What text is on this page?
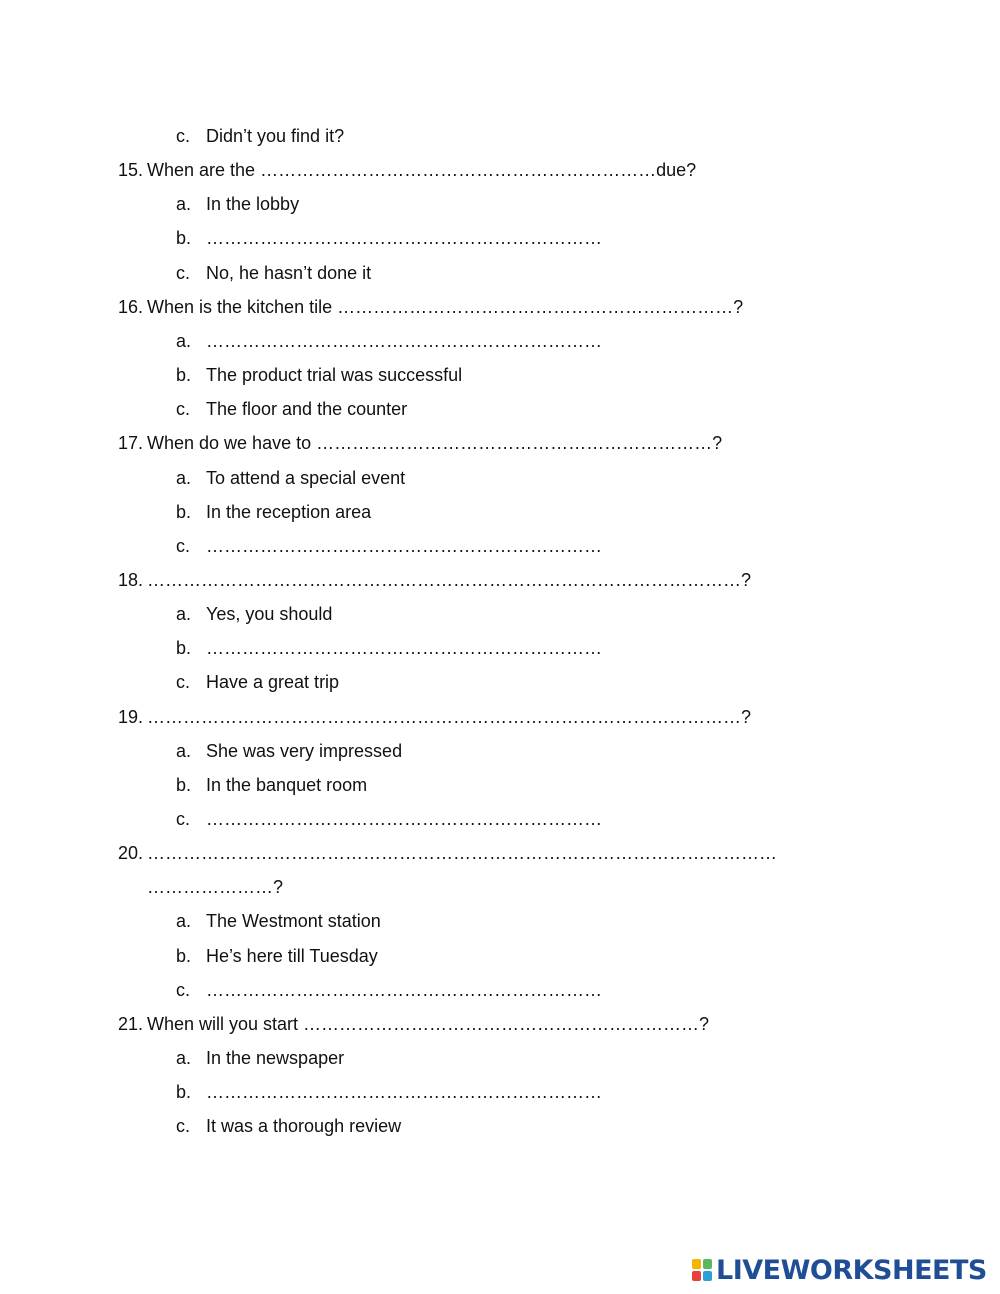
c. Didn’t you find it?
15. When are the …………………………………………………………due?
a. In the lobby
b. …………………………………………………………
c. No, he hasn’t done it
16. When is the kitchen tile …………………………………………………………?
a. …………………………………………………………
b. The product trial was successful
c. The floor and the counter
17. When do we have to …………………………………………………………?
a. To attend a special event
b. In the reception area
c. …………………………………………………………
18. ………………………………………………………………………………………?
a. Yes, you should
b. …………………………………………………………
c. Have a great trip
19. ………………………………………………………………………………………?
a. She was very impressed
b. In the banquet room
c. …………………………………………………………
20. ……………………………………………………………………………………………
…………………?
a. The Westmont station
b. He’s here till Tuesday
c. …………………………………………………………
21. When will you start …………………………………………………………?
a. In the newspaper
b. …………………………………………………………
c. It was a thorough review
LIVEWORKSHEETS
